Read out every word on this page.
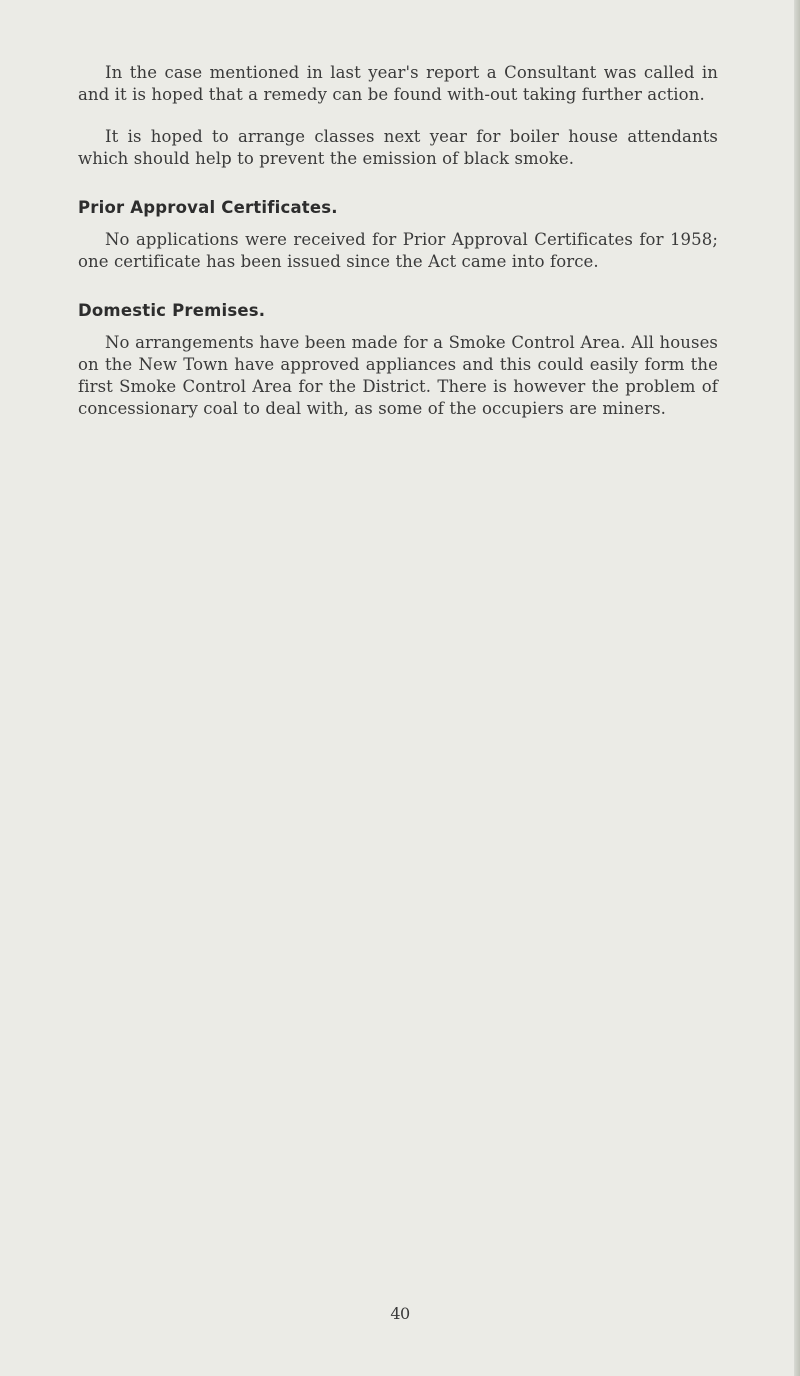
In the case mentioned in last year's report a Consultant was called in and it is hoped that a remedy can be found with-out taking further action.

It is hoped to arrange classes next year for boiler house attendants which should help to prevent the emission of black smoke.

Prior Approval Certificates.

No applications were received for Prior Approval Certificates for 1958; one certificate has been issued since the Act came into force.

Domestic Premises.

No arrangements have been made for a Smoke Control Area. All houses on the New Town have approved appliances and this could easily form the first Smoke Control Area for the District. There is however the problem of concessionary coal to deal with, as some of the occupiers are miners.

40
